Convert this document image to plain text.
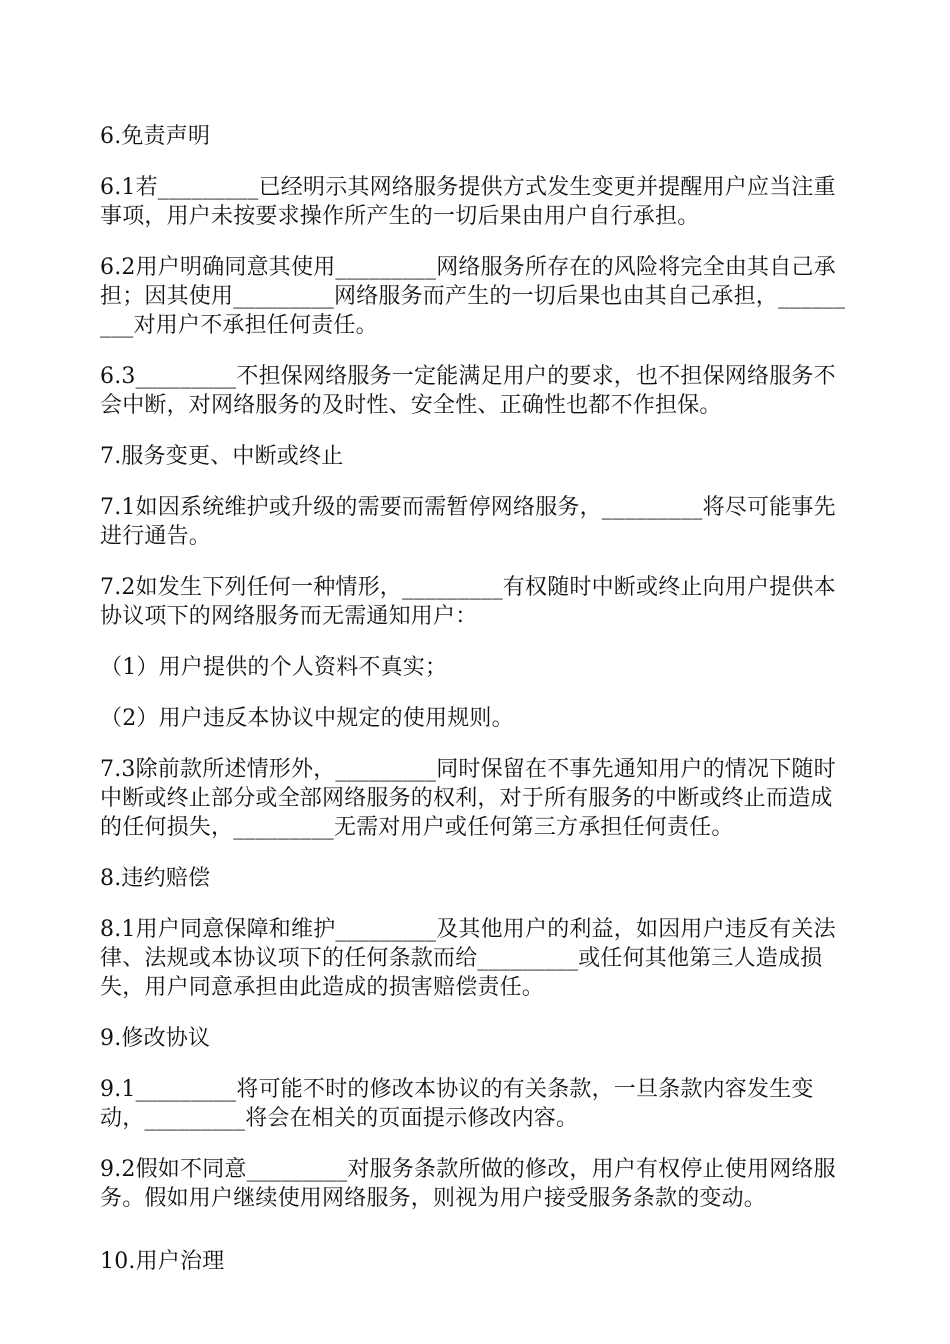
6.免责声明

6.1若_________已经明示其网络服务提供方式发生变更并提醒用户应当注重事项，用户未按要求操作所产生的一切后果由用户自行承担。

6.2用户明确同意其使用_________网络服务所存在的风险将完全由其自己承担；因其使用_________网络服务而产生的一切后果也由其自己承担，_________对用户不承担任何责任。

6.3_________不担保网络服务一定能满足用户的要求，也不担保网络服务不会中断，对网络服务的及时性、安全性、正确性也都不作担保。

7.服务变更、中断或终止

7.1如因系统维护或升级的需要而需暂停网络服务，_________将尽可能事先进行通告。

7.2如发生下列任何一种情形，_________有权随时中断或终止向用户提供本协议项下的网络服务而无需通知用户：

（1）用户提供的个人资料不真实；

（2）用户违反本协议中规定的使用规则。

7.3除前款所述情形外，_________同时保留在不事先通知用户的情况下随时中断或终止部分或全部网络服务的权利，对于所有服务的中断或终止而造成的任何损失，_________无需对用户或任何第三方承担任何责任。

8.违约赔偿

8.1用户同意保障和维护_________及其他用户的利益，如因用户违反有关法律、法规或本协议项下的任何条款而给_________或任何其他第三人造成损失，用户同意承担由此造成的损害赔偿责任。

9.修改协议

9.1_________将可能不时的修改本协议的有关条款，一旦条款内容发生变动，_________将会在相关的页面提示修改内容。

9.2假如不同意_________对服务条款所做的修改，用户有权停止使用网络服务。假如用户继续使用网络服务，则视为用户接受服务条款的变动。

10.用户治理
